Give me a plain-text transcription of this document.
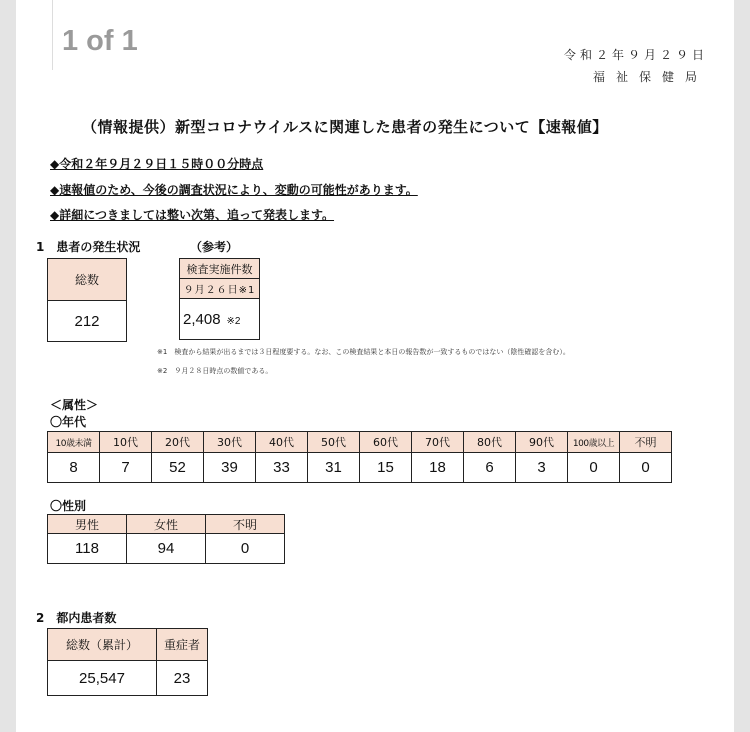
1 of 1	令和２年９月２９日
福祉保健局
（情報提供）新型コロナウイルスに関連した患者の発生について【速報値】
◆令和２年９月２９日１５時００分時点
◆速報値のため、今後の調査状況により、変動の可能性があります。
◆詳細につきましては整い次第、追って発表します。
1　患者の発生状況	（参考）
総数
212
検査実施件数
９月２６日※1
2,408 ※2
※1　検査から結果が出るまでは３日程度要する。なお、この検査結果と本日の報告数が一致するものではない（陰性確認を含む）。
※2　９月２８日時点の数値である。
＜属性＞
〇年代
10歳未満	10代	20代	30代	40代	50代	60代	70代	80代	90代	100歳以上	不明
8	7	52	39	33	31	15	18	6	3	0	0
〇性別
男性	女性	不明
118	94	0
2　都内患者数
総数（累計）	重症者
25,547	23
